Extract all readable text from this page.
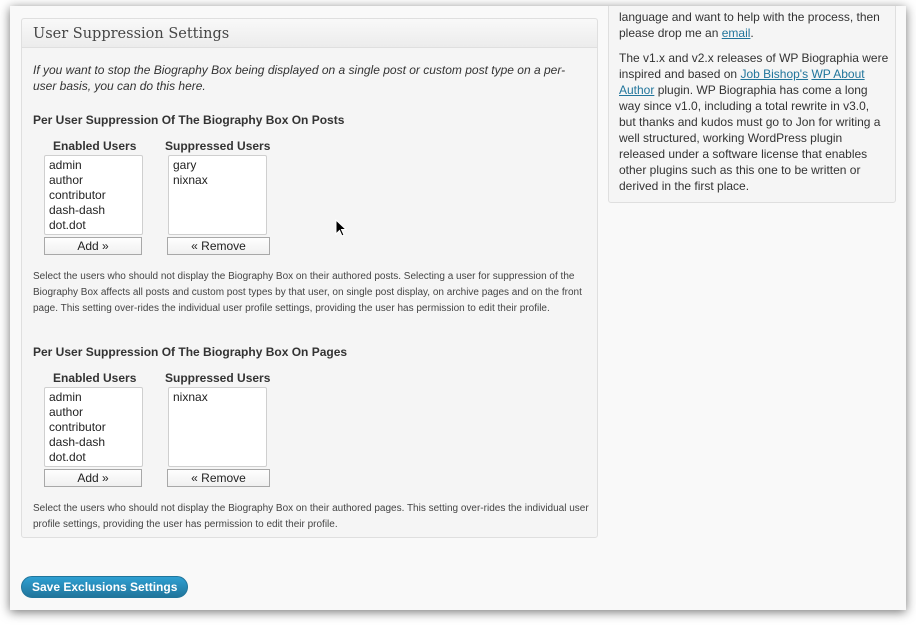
User Suppression Settings
If you want to stop the Biography Box being displayed on a single post or custom post type on a per-user basis, you can do this here.
Per User Suppression Of The Biography Box On Posts
Enabled Users Suppressed Users
admin
author
contributor
dash-dash
dot.dot
gary
nixnax
Add »	« Remove
Select the users who should not display the Biography Box on their authored posts. Selecting a user for suppression of the Biography Box affects all posts and custom post types by that user, on single post display, on archive pages and on the front page. This setting over-rides the individual user profile settings, providing the user has permission to edit their profile.
Per User Suppression Of The Biography Box On Pages
Enabled Users Suppressed Users
admin
author
contributor
dash-dash
dot.dot
nixnax
Add »	« Remove
Select the users who should not display the Biography Box on their authored pages. This setting over-rides the individual user profile settings, providing the user has permission to edit their profile.
language and want to help with the process, then
please drop me an email.
The v1.x and v2.x releases of WP Biographia were inspired and based on Job Bishop's WP About Author plugin. WP Biographia has come a long way since v1.0, including a total rewrite in v3.0, but thanks and kudos must go to Jon for writing a well structured, working WordPress plugin released under a software license that enables other plugins such as this one to be written or derived in the first place.
Save Exclusions Settings
